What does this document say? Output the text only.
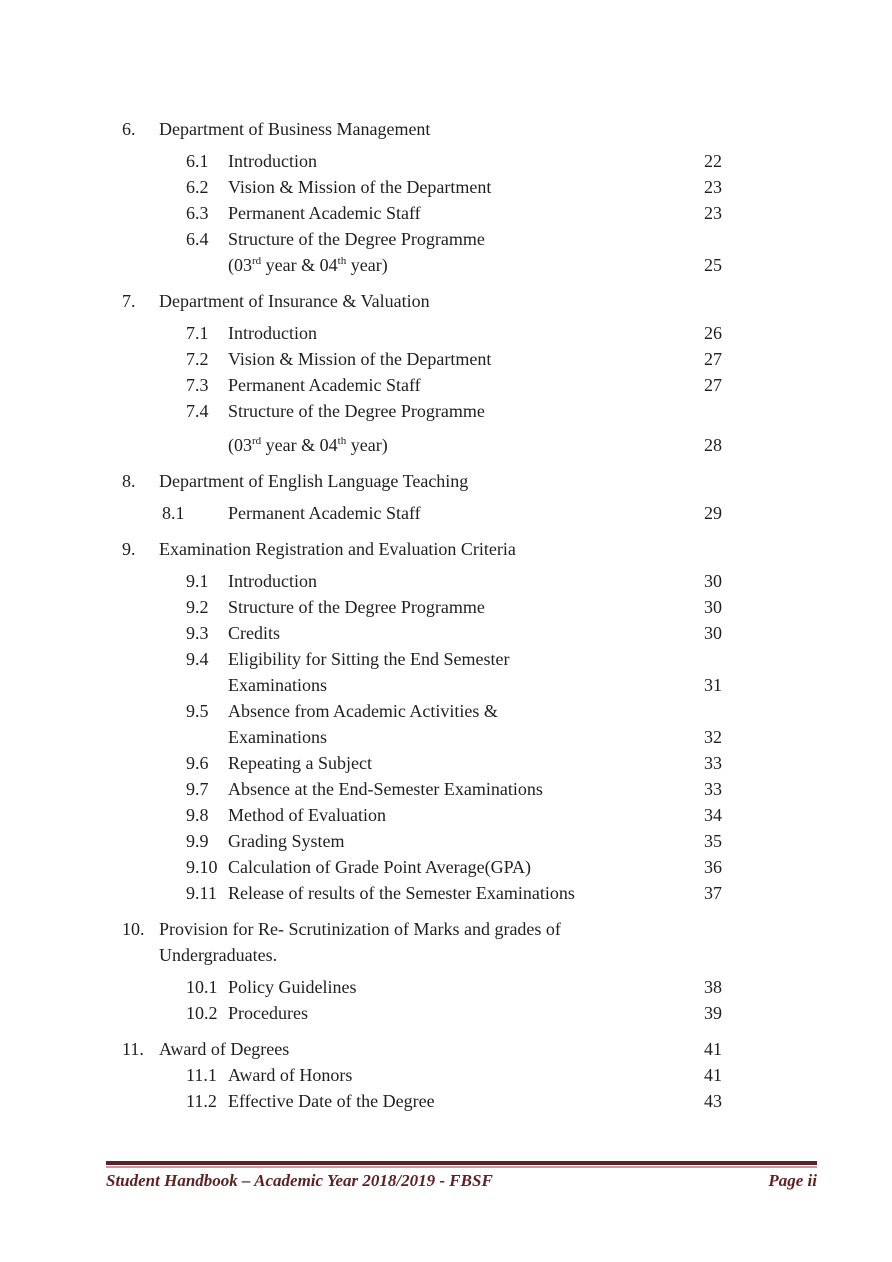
6.	Department of Business Management
6.1	Introduction	22
6.2	Vision & Mission of the Department	23
6.3	Permanent Academic Staff	23
6.4	Structure of the Degree Programme
(03rd year & 04th year)	25
7.	Department of Insurance & Valuation
7.1	Introduction	26
7.2	Vision & Mission of the Department	27
7.3	Permanent Academic Staff	27
7.4	Structure of the Degree Programme
(03rd year & 04th year)	28
8.	Department of English Language Teaching
8.1	Permanent Academic Staff	29
9.	Examination Registration and Evaluation Criteria
9.1	Introduction	30
9.2	Structure of the Degree Programme	30
9.3	Credits	30
9.4	Eligibility for Sitting the End Semester
Examinations	31
9.5	Absence from Academic Activities &
Examinations	32
9.6	Repeating a Subject	33
9.7	Absence at the End-Semester Examinations	33
9.8	Method of Evaluation	34
9.9	Grading System	35
9.10 Calculation of Grade Point Average(GPA)	36
9.11 Release of results of the Semester Examinations	37
10. Provision for Re- Scrutinization of Marks and grades of Undergraduates.
10.1 Policy Guidelines	38
10.2 Procedures	39
11. Award of Degrees	41
11.1 Award of Honors	41
11.2 Effective Date of the Degree	43
Student Handbook – Academic Year 2018/2019 - FBSF	Page ii
